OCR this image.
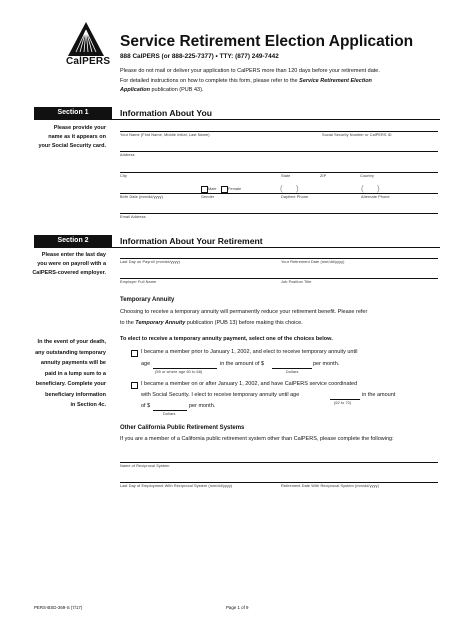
CalPERS
Service Retirement Election Application
888 CalPERS (or 888-225-7377) • TTY: (877) 249-7442
Please do not mail or deliver your application to CalPERS more than 120 days before your retirement date.
For detailed instructions on how to complete this form, please refer to the Service Retirement Election
Application publication (PUB 43).
Section 1	Information About You
Please provide your
name as it appears on
your Social Security card.
Your Name (First Name, Middle Initial, Last Name)	Social Security Number or CalPERS ID
Address
City	State	ZIP	Country
Male	Female	(      )	(      )
Birth Date (mm/dd/yyyy)	Gender	Daytime Phone	Alternate Phone
Email Address
Section 2	Information About Your Retirement
Please enter the last day
you were on payroll with a
CalPERS-covered employer.
Last Day on Payroll (mm/dd/yyyy)	Your Retirement Date (mm/dd/yyyy)
Employer Full Name	Job Position Title
Temporary Annuity
Choosing to receive a temporary annuity will permanently reduce your retirement benefit. Please refer
to the Temporary Annuity publication (PUB 13) before making this choice.
To elect to receive a temporary annuity payment, select one of the choices below.
In the event of your death,
any outstanding temporary
annuity payments will be
paid in a lump sum to a
beneficiary. Complete your
beneficiary information
in Section 4c.
I became a member prior to January 1, 2002, and elect to receive temporary annuity until
age
(55 or where age 60 to 68)
in the amount of $
Dollars
per month.
I became a member on or after January 1, 2002, and have CalPERS service coordinated
with Social Security. I elect to receive temporary annuity until age
(62 to 70)
in the amount
of $
Dollars
per month.
Other California Public Retirement Systems
If you are a member of a California public retirement system other than CalPERS, please complete the following:
Name of Reciprocal System
Last Day of Employment With Reciprocal System (mm/dd/yyyy)	Retirement Date With Reciprocal System (mm/dd/yyyy)
PERS-BSD-369-S (7/17)	Page 1 of 9
